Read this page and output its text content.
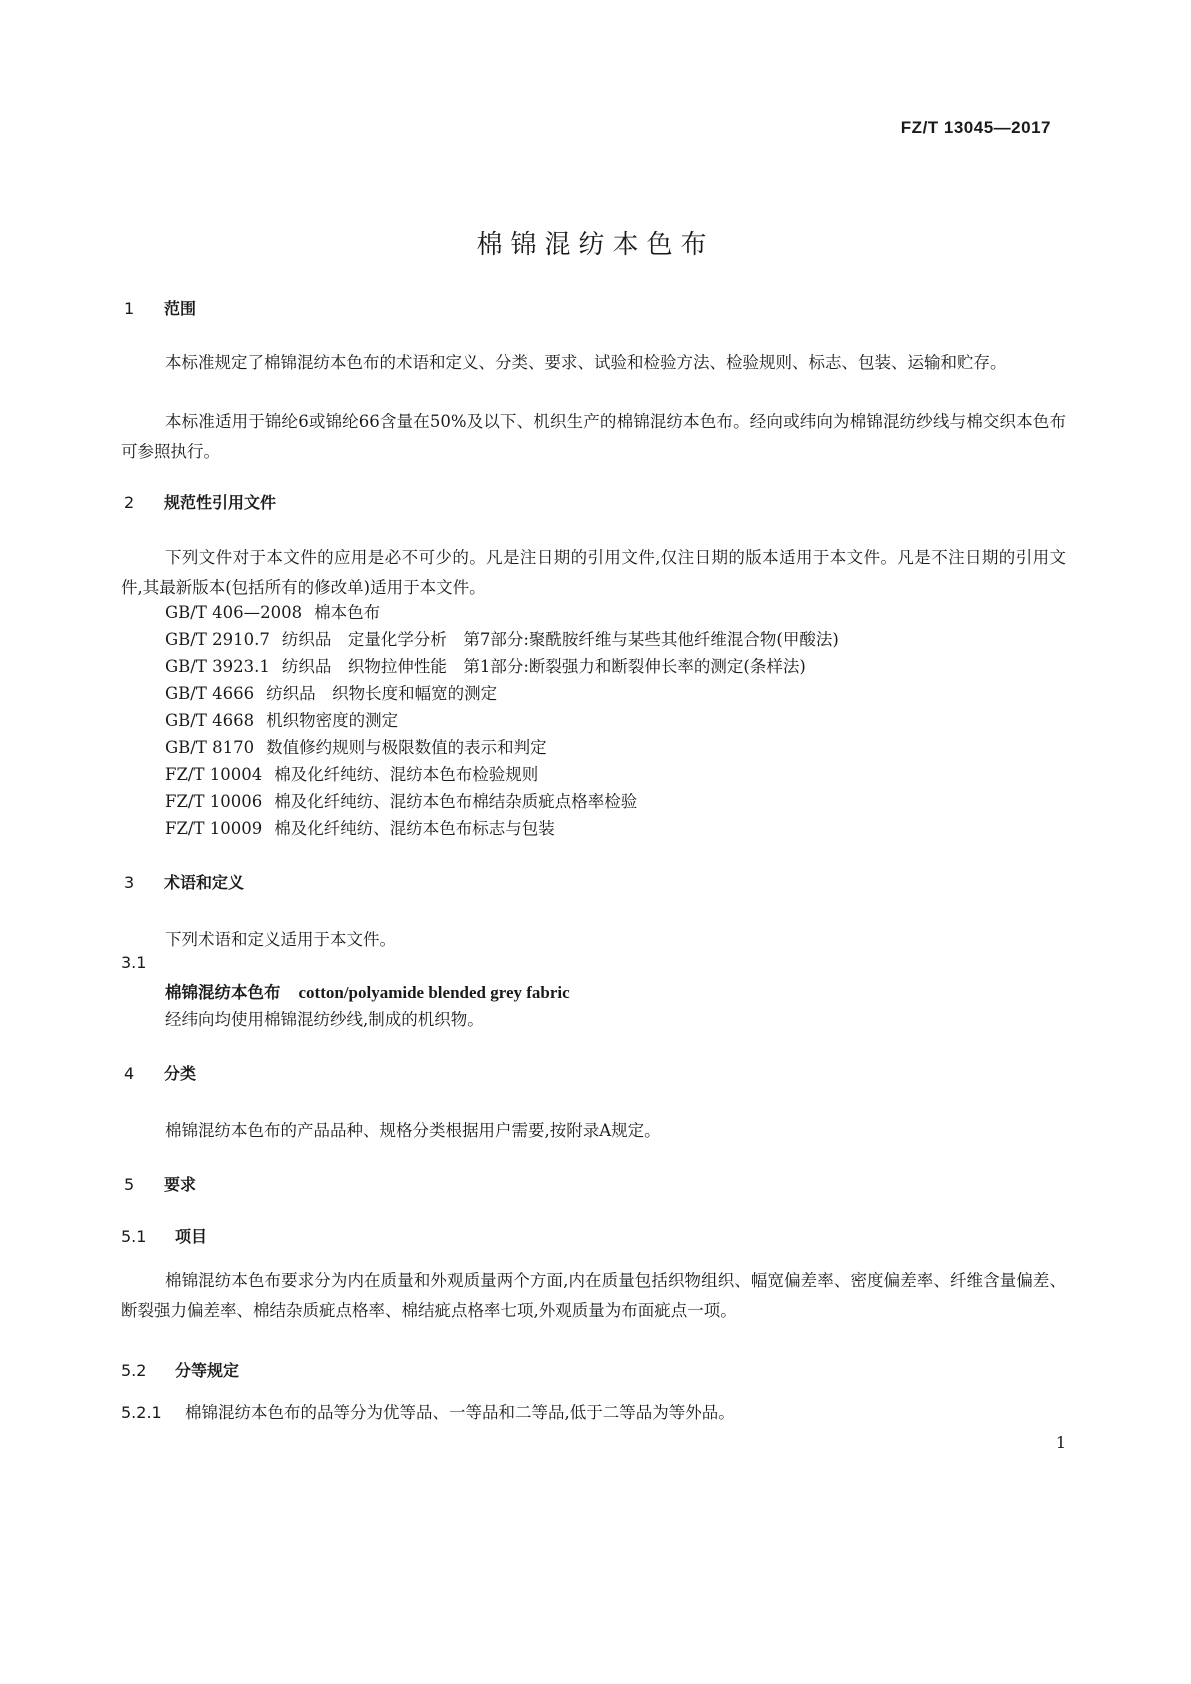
FZ/T 13045—2017
棉锦混纺本色布
1　 范围
本标准规定了棉锦混纺本色布的术语和定义、分类、要求、试验和检验方法、检验规则、标志、包装、运输和贮存。
本标准适用于锦纶6或锦纶66含量在50%及以下、机织生产的棉锦混纺本色布。经向或纬向为棉锦混纺纱线与棉交织本色布可参照执行。
2　 规范性引用文件
下列文件对于本文件的应用是必不可少的。凡是注日期的引用文件,仅注日期的版本适用于本文件。凡是不注日期的引用文件,其最新版本(包括所有的修改单)适用于本文件。
GB/T 406—2008 棉本色布
GB/T 2910.7 纺织品　定量化学分析　第7部分:聚酰胺纤维与某些其他纤维混合物(甲酸法)
GB/T 3923.1 纺织品　织物拉伸性能　第1部分:断裂强力和断裂伸长率的测定(条样法)
GB/T 4666 纺织品　织物长度和幅宽的测定
GB/T 4668 机织物密度的测定
GB/T 8170 数值修约规则与极限数值的表示和判定
FZ/T 10004 棉及化纤纯纺、混纺本色布检验规则
FZ/T 10006 棉及化纤纯纺、混纺本色布棉结杂质疵点格率检验
FZ/T 10009 棉及化纤纯纺、混纺本色布标志与包装
3　 术语和定义
下列术语和定义适用于本文件。
3.1
棉锦混纺本色布 cotton/polyamide blended grey fabric
经纬向均使用棉锦混纺纱线,制成的机织物。
4　 分类
棉锦混纺本色布的产品品种、规格分类根据用户需要,按附录A规定。
5　 要求
5.1　 项目
棉锦混纺本色布要求分为内在质量和外观质量两个方面,内在质量包括织物组织、幅宽偏差率、密度偏差率、纤维含量偏差、断裂强力偏差率、棉结杂质疵点格率、棉结疵点格率七项,外观质量为布面疵点一项。
5.2　 分等规定
5.2.1 棉锦混纺本色布的品等分为优等品、一等品和二等品,低于二等品为等外品。
1
